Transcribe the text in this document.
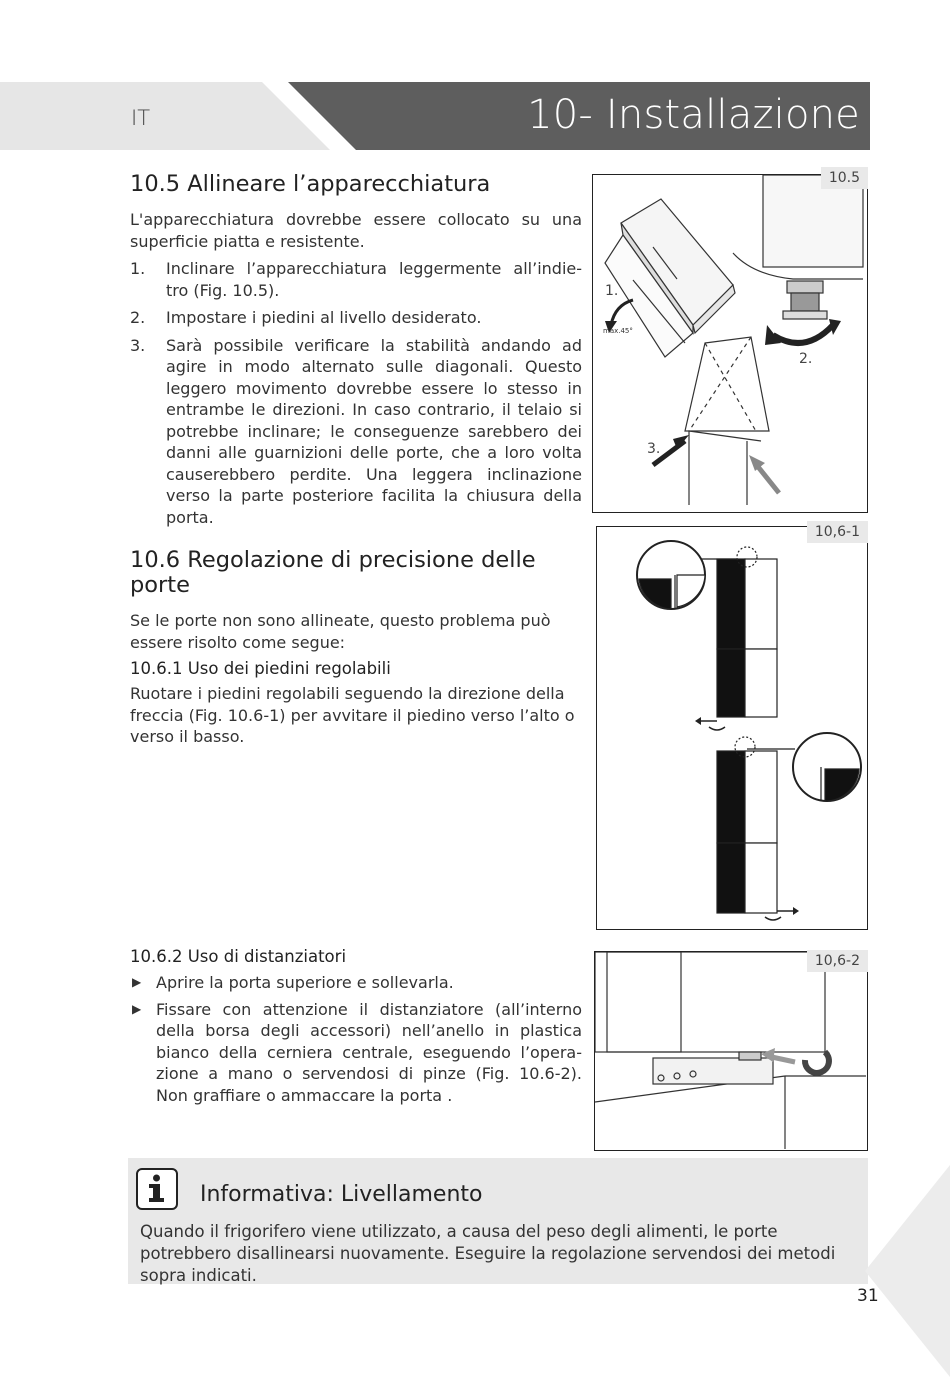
IT	10- Installazione
10.5 Allineare l’apparecchiatura
L'apparecchiatura dovrebbe essere collocato su una superficie piatta e resistente.
1. Inclinare l’apparecchiatura leggermente all’indie-tro (Fig. 10.5).
2. Impostare i piedini al livello desiderato.
3. Sarà possibile verificare la stabilità andando ad agire in modo alternato sulle diagonali. Questo leggero movimento dovrebbe essere lo stesso in entrambe le direzioni. In caso contrario, il telaio si potrebbe inclinare; le conseguenze sarebbero dei danni alle guarnizioni delle porte, che a loro volta causerebbero perdite. Una leggera inclinazione verso la parte posteriore facilita la chiusura della porta.
10.6 Regolazione di precisione delle porte
Se le porte non sono allineate, questo problema può essere risolto come segue:
10.6.1 Uso dei piedini regolabili
Ruotare i piedini regolabili seguendo la direzione della freccia (Fig. 10.6-1) per avvitare il piedino verso l’alto o verso il basso.
10.6.2 Uso di distanziatori
▶ Aprire la porta superiore e sollevarla.
▶ Fissare con attenzione il distanziatore (all’interno della borsa degli accessori) nell’anello in plastica bianco della cerniera centrale, eseguendo l’opera-zione a mano o servendosi di pinze (Fig. 10.6-2). Non graffiare o ammaccare la porta .
1.
max.45°
2.
3.
10.5
10,6-1
10,6-2
Informativa: Livellamento
Quando il frigorifero viene utilizzato, a causa del peso degli alimenti, le porte potrebbero disallinearsi nuovamente. Eseguire la regolazione servendosi dei metodi sopra indicati.
31
